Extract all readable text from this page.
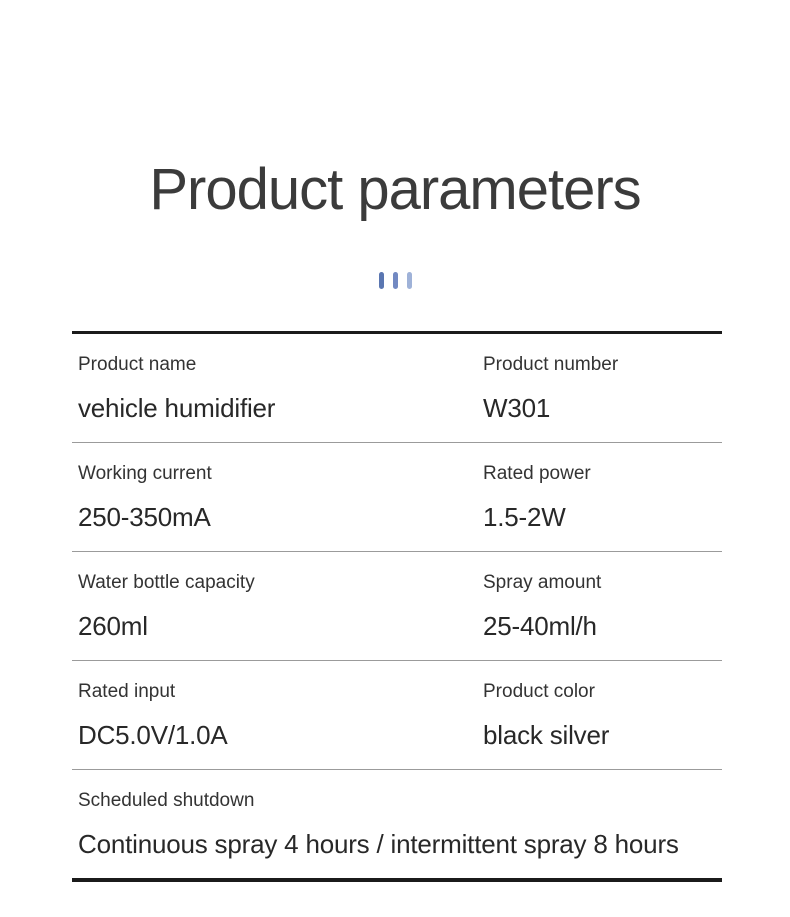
Product parameters
Product name
vehicle humidifier
Product number
W301
Working current
250-350mA
Rated power
1.5-2W
Water bottle capacity
260ml
Spray amount
25-40ml/h
Rated input
DC5.0V/1.0A
Product color
black silver
Scheduled shutdown
Continuous spray 4 hours / intermittent spray 8 hours
